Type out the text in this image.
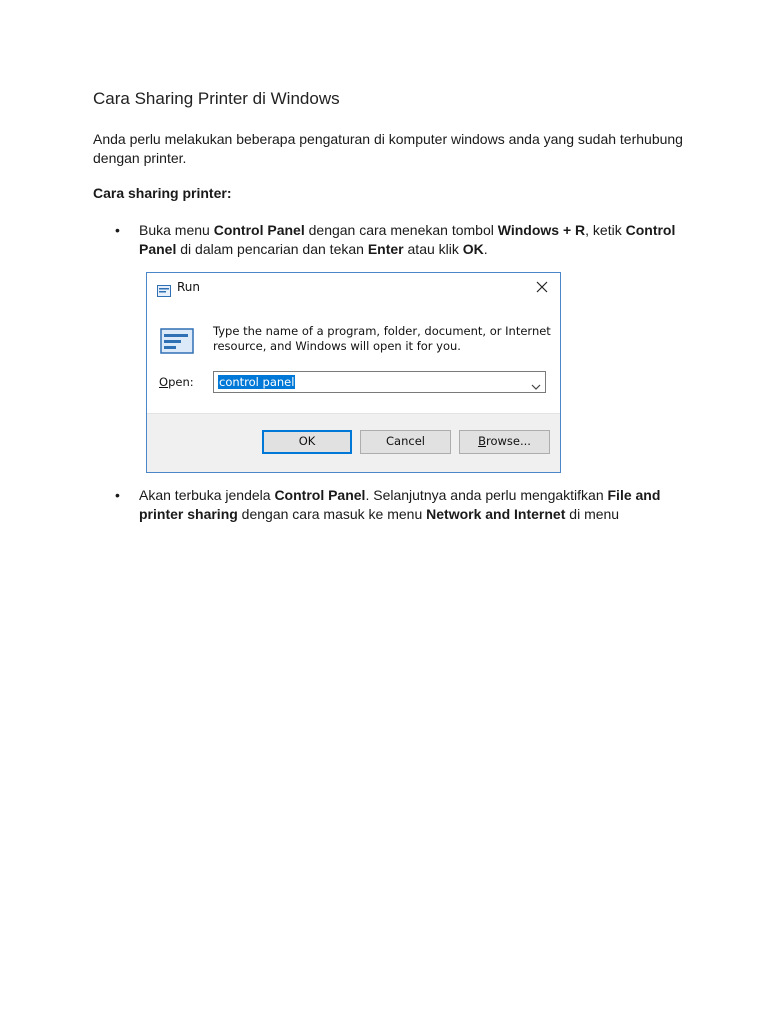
Cara Sharing Printer di Windows

Anda perlu melakukan beberapa pengaturan di komputer windows anda yang sudah terhubung dengan printer.

Cara sharing printer:

• Buka menu Control Panel dengan cara menekan tombol Windows + R, ketik Control Panel di dalam pencarian dan tekan Enter atau klik OK.
Run
Type the name of a program, folder, document, or Internet resource, and Windows will open it for you.
Open: control panel
OK	Cancel	Browse...
• Akan terbuka jendela Control Panel. Selanjutnya anda perlu mengaktifkan File and printer sharing dengan cara masuk ke menu Network and Internet di menu
